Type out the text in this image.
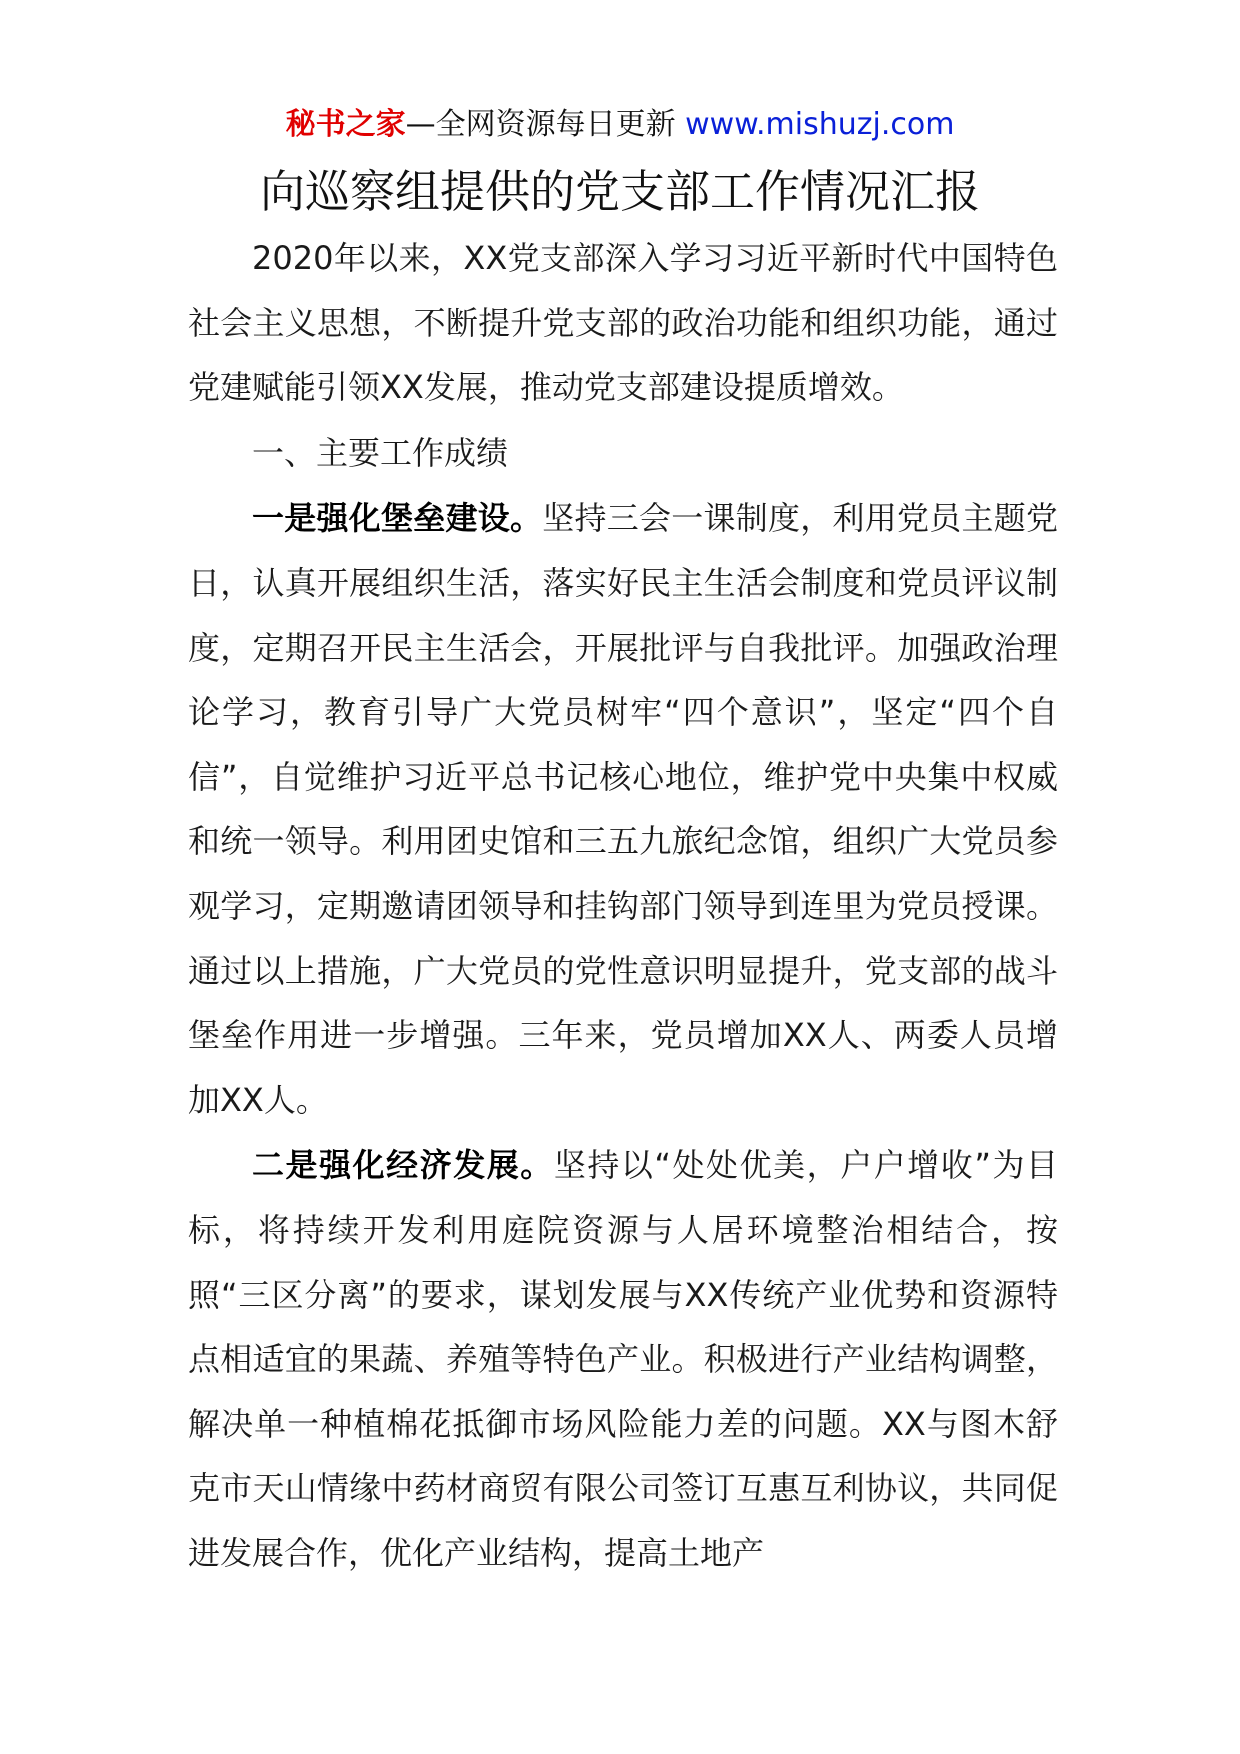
秘书之家—全网资源每日更新 www.mishuzj.com
向巡察组提供的党支部工作情况汇报

2020年以来，XX党支部深入学习习近平新时代中国特色社会主义思想，不断提升党支部的政治功能和组织功能，通过党建赋能引领XX发展，推动党支部建设提质增效。

一、主要工作成绩

一是强化堡垒建设。坚持三会一课制度，利用党员主题党日，认真开展组织生活，落实好民主生活会制度和党员评议制度，定期召开民主生活会，开展批评与自我批评。加强政治理论学习，教育引导广大党员树牢“四个意识”，坚定“四个自信”，自觉维护习近平总书记核心地位，维护党中央集中权威和统一领导。利用团史馆和三五九旅纪念馆，组织广大党员参观学习，定期邀请团领导和挂钩部门领导到连里为党员授课。通过以上措施，广大党员的党性意识明显提升，党支部的战斗堡垒作用进一步增强。三年来，党员增加XX人、两委人员增加XX人。

二是强化经济发展。坚持以“处处优美，户户增收”为目标，将持续开发利用庭院资源与人居环境整治相结合，按照“三区分离”的要求，谋划发展与XX传统产业优势和资源特点相适宜的果蔬、养殖等特色产业。积极进行产业结构调整，解决单一种植棉花抵御市场风险能力差的问题。XX与图木舒克市天山情缘中药材商贸有限公司签订互惠互利协议，共同促进发展合作，优化产业结构，提高土地产
